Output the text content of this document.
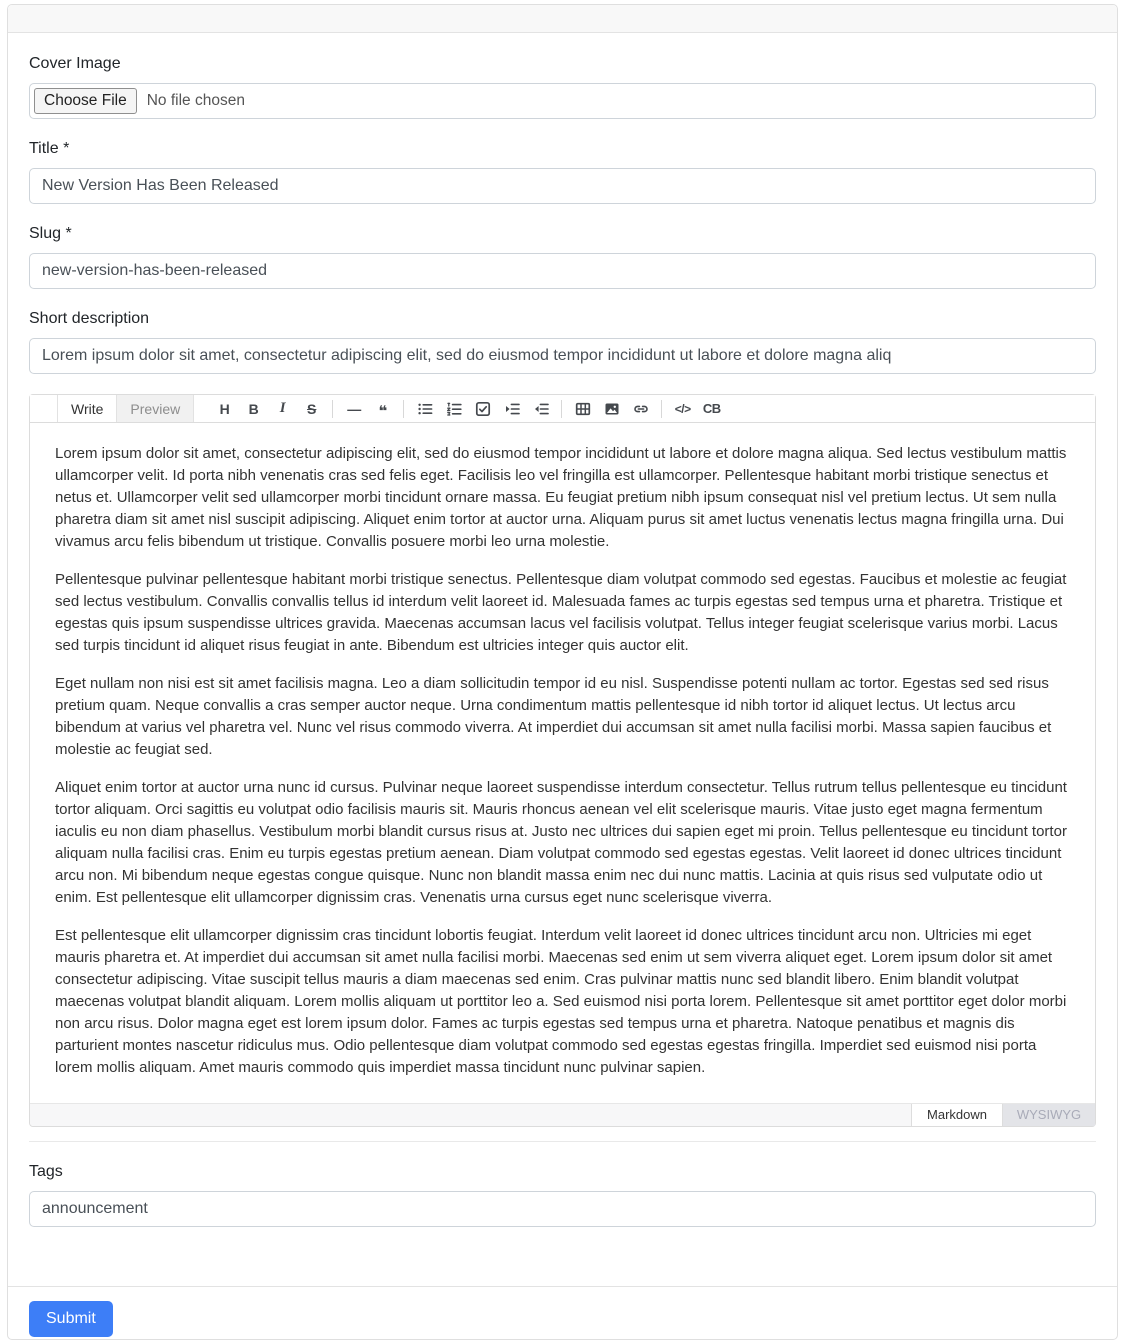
Cover Image
Choose File	No file chosen
Title *
New Version Has Been Released
Slug *
new-version-has-been-released
Short description
Lorem ipsum dolor sit amet, consectetur adipiscing elit, sed do eiusmod tempor incididunt ut labore et dolore magna aliq
Write	Preview	H	B	I	S	—	❝	</> CB

Lorem ipsum dolor sit amet, consectetur adipiscing elit, sed do eiusmod tempor incididunt ut labore et dolore magna aliqua. Sed lectus vestibulum mattis ullamcorper velit. Id porta nibh venenatis cras sed felis eget. Facilisis leo vel fringilla est ullamcorper. Pellentesque habitant morbi tristique senectus et netus et. Ullamcorper velit sed ullamcorper morbi tincidunt ornare massa. Eu feugiat pretium nibh ipsum consequat nisl vel pretium lectus. Ut sem nulla pharetra diam sit amet nisl suscipit adipiscing. Aliquet enim tortor at auctor urna. Aliquam purus sit amet luctus venenatis lectus magna fringilla urna. Dui vivamus arcu felis bibendum ut tristique. Convallis posuere morbi leo urna molestie.

Pellentesque pulvinar pellentesque habitant morbi tristique senectus. Pellentesque diam volutpat commodo sed egestas. Faucibus et molestie ac feugiat sed lectus vestibulum. Convallis convallis tellus id interdum velit laoreet id. Malesuada fames ac turpis egestas sed tempus urna et pharetra. Tristique et egestas quis ipsum suspendisse ultrices gravida. Maecenas accumsan lacus vel facilisis volutpat. Tellus integer feugiat scelerisque varius morbi. Lacus sed turpis tincidunt id aliquet risus feugiat in ante. Bibendum est ultricies integer quis auctor elit.

Eget nullam non nisi est sit amet facilisis magna. Leo a diam sollicitudin tempor id eu nisl. Suspendisse potenti nullam ac tortor. Egestas sed sed risus pretium quam. Neque convallis a cras semper auctor neque. Urna condimentum mattis pellentesque id nibh tortor id aliquet lectus. Ut lectus arcu bibendum at varius vel pharetra vel. Nunc vel risus commodo viverra. At imperdiet dui accumsan sit amet nulla facilisi morbi. Massa sapien faucibus et molestie ac feugiat sed.

Aliquet enim tortor at auctor urna nunc id cursus. Pulvinar neque laoreet suspendisse interdum consectetur. Tellus rutrum tellus pellentesque eu tincidunt tortor aliquam. Orci sagittis eu volutpat odio facilisis mauris sit. Mauris rhoncus aenean vel elit scelerisque mauris. Vitae justo eget magna fermentum iaculis eu non diam phasellus. Vestibulum morbi blandit cursus risus at. Justo nec ultrices dui sapien eget mi proin. Tellus pellentesque eu tincidunt tortor aliquam nulla facilisi cras. Enim eu turpis egestas pretium aenean. Diam volutpat commodo sed egestas egestas. Velit laoreet id donec ultrices tincidunt arcu non. Mi bibendum neque egestas congue quisque. Nunc non blandit massa enim nec dui nunc mattis. Lacinia at quis risus sed vulputate odio ut enim. Est pellentesque elit ullamcorper dignissim cras. Venenatis urna cursus eget nunc scelerisque viverra.

Est pellentesque elit ullamcorper dignissim cras tincidunt lobortis feugiat. Interdum velit laoreet id donec ultrices tincidunt arcu non. Ultricies mi eget mauris pharetra et. At imperdiet dui accumsan sit amet nulla facilisi morbi. Maecenas sed enim ut sem viverra aliquet eget. Lorem ipsum dolor sit amet consectetur adipiscing. Vitae suscipit tellus mauris a diam maecenas sed enim. Cras pulvinar mattis nunc sed blandit libero. Enim blandit volutpat maecenas volutpat blandit aliquam. Lorem mollis aliquam ut porttitor leo a. Sed euismod nisi porta lorem. Pellentesque sit amet porttitor eget dolor morbi non arcu risus. Dolor magna eget est lorem ipsum dolor. Fames ac turpis egestas sed tempus urna et pharetra. Natoque penatibus et magnis dis parturient montes nascetur ridiculus mus. Odio pellentesque diam volutpat commodo sed egestas egestas fringilla. Imperdiet sed euismod nisi porta lorem mollis aliquam. Amet mauris commodo quis imperdiet massa tincidunt nunc pulvinar sapien.

Markdown	WYSIWYG
Tags
announcement
Submit
